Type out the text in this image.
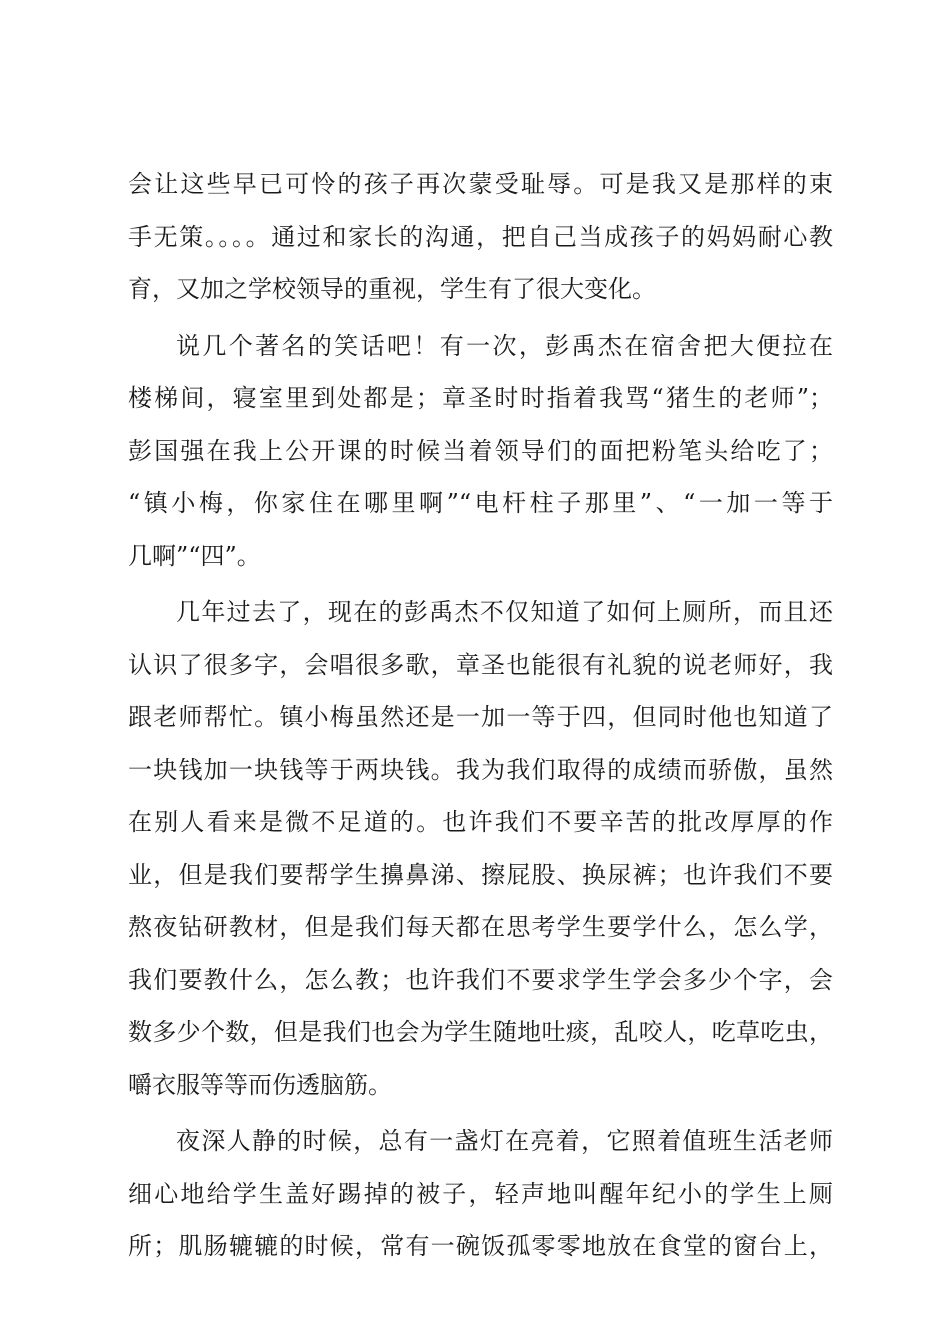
会让这些早已可怜的孩子再次蒙受耻辱。可是我又是那样的束
手无策。。。。通过和家长的沟通，把自己当成孩子的妈妈耐心教
育，又加之学校领导的重视，学生有了很大变化。
说几个著名的笑话吧！有一次，彭禹杰在宿舍把大便拉在
楼梯间，寝室里到处都是；章圣时时指着我骂“猪生的老师”；
彭国强在我上公开课的时候当着领导们的面把粉笔头给吃了；
“镇小梅，你家住在哪里啊”“电杆柱子那里”、“一加一等于
几啊”“四”。
几年过去了，现在的彭禹杰不仅知道了如何上厕所，而且还
认识了很多字，会唱很多歌，章圣也能很有礼貌的说老师好，我
跟老师帮忙。镇小梅虽然还是一加一等于四，但同时他也知道了
一块钱加一块钱等于两块钱。我为我们取得的成绩而骄傲，虽然
在别人看来是微不足道的。也许我们不要辛苦的批改厚厚的作
业，但是我们要帮学生擤鼻涕、擦屁股、换尿裤；也许我们不要
熬夜钻研教材，但是我们每天都在思考学生要学什么，怎么学，
我们要教什么，怎么教；也许我们不要求学生学会多少个字，会
数多少个数，但是我们也会为学生随地吐痰，乱咬人，吃草吃虫，
嚼衣服等等而伤透脑筋。
夜深人静的时候，总有一盏灯在亮着，它照着值班生活老师
细心地给学生盖好踢掉的被子，轻声地叫醒年纪小的学生上厕
所；肌肠辘辘的时候，常有一碗饭孤零零地放在食堂的窗台上，
